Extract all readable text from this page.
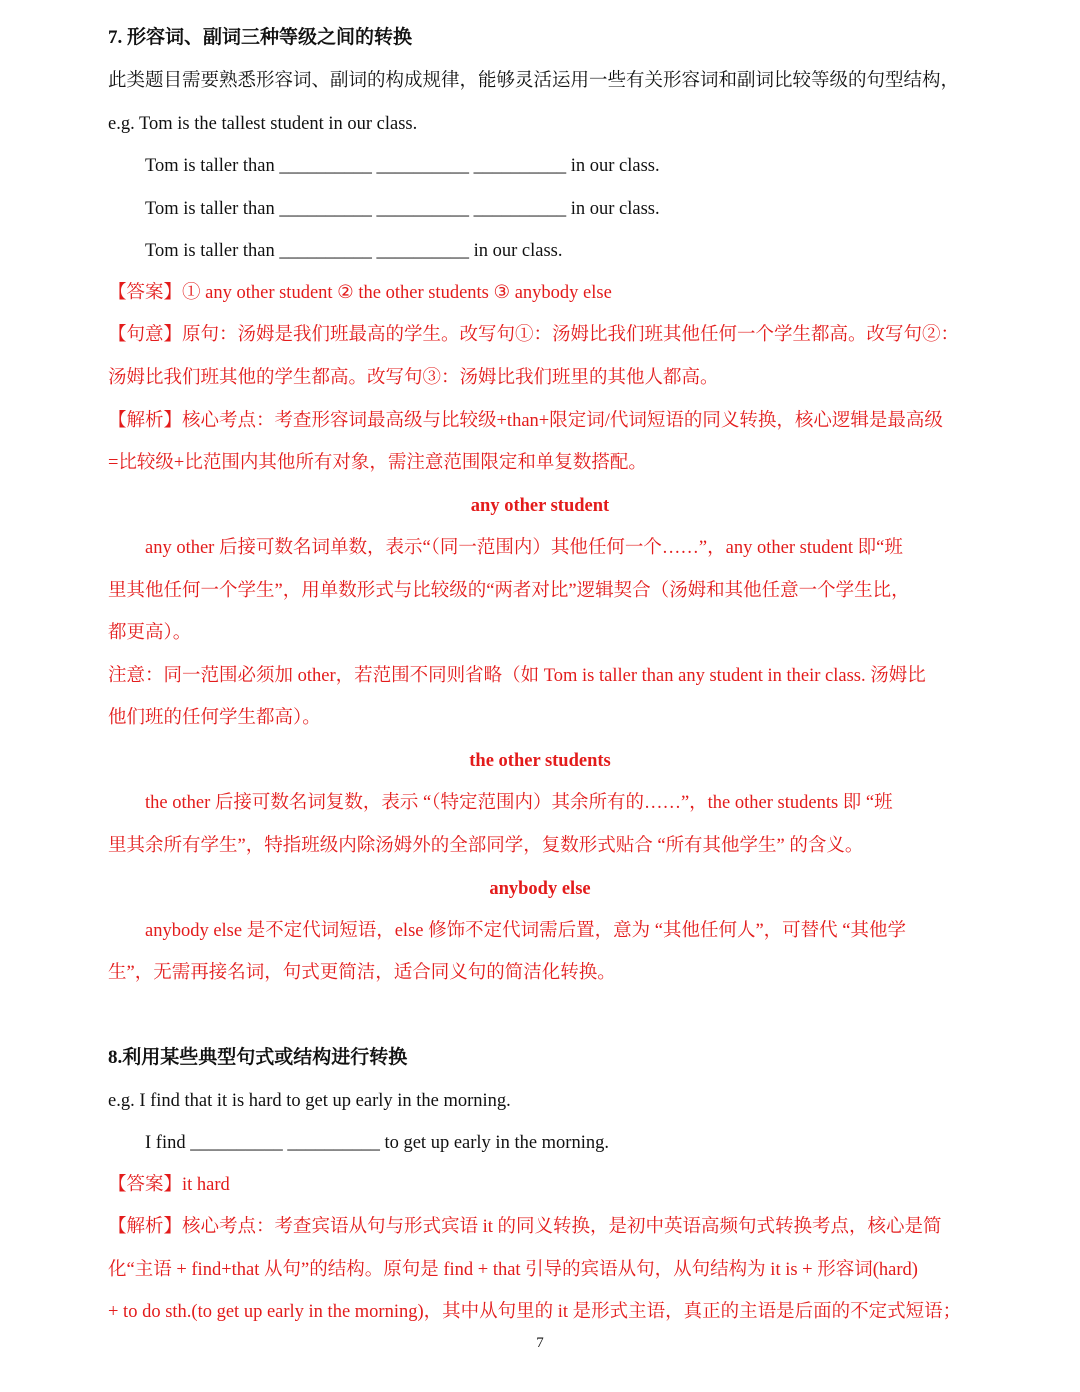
7. 形容词、副词三种等级之间的转换

此类题目需要熟悉形容词、副词的构成规律，能够灵活运用一些有关形容词和副词比较等级的句型结构，

e.g. Tom is the tallest student in our class.

Tom is taller than __________ __________ __________ in our class.

Tom is taller than __________ __________ __________ in our class.

Tom is taller than __________ __________ in our class.

【答案】① any other student ② the other students ③ anybody else

【句意】原句：汤姆是我们班最高的学生。改写句①：汤姆比我们班其他任何一个学生都高。改写句②：

汤姆比我们班其他的学生都高。改写句③：汤姆比我们班里的其他人都高。

【解析】核心考点：考查形容词最高级与比较级+than+限定词/代词短语的同义转换，核心逻辑是最高级

=比较级+比范围内其他所有对象，需注意范围限定和单复数搭配。

any other student

any other 后接可数名词单数，表示“（同一范围内）其他任何一个……”，any other student 即“班

里其他任何一个学生”，用单数形式与比较级的“两者对比”逻辑契合（汤姆和其他任意一个学生比，

都更高）。

注意：同一范围必须加 other，若范围不同则省略（如 Tom is taller than any student in their class. 汤姆比

他们班的任何学生都高）。

the other students

the other 后接可数名词复数，表示 “（特定范围内）其余所有的……”，the other students 即 “班

里其余所有学生”，特指班级内除汤姆外的全部同学，复数形式贴合 “所有其他学生” 的含义。

anybody else

anybody else 是不定代词短语，else 修饰不定代词需后置，意为 “其他任何人”，可替代 “其他学

生”，无需再接名词，句式更简洁，适合同义句的简洁化转换。

8.利用某些典型句式或结构进行转换

e.g. I find that it is hard to get up early in the morning.

I find __________ __________ to get up early in the morning.

【答案】it hard

【解析】核心考点：考查宾语从句与形式宾语 it 的同义转换，是初中英语高频句式转换考点，核心是简

化“主语 + find+that 从句”的结构。原句是 find + that 引导的宾语从句，从句结构为 it is + 形容词(hard)

+ to do sth.(to get up early in the morning)，其中从句里的 it 是形式主语，真正的主语是后面的不定式短语；

7
